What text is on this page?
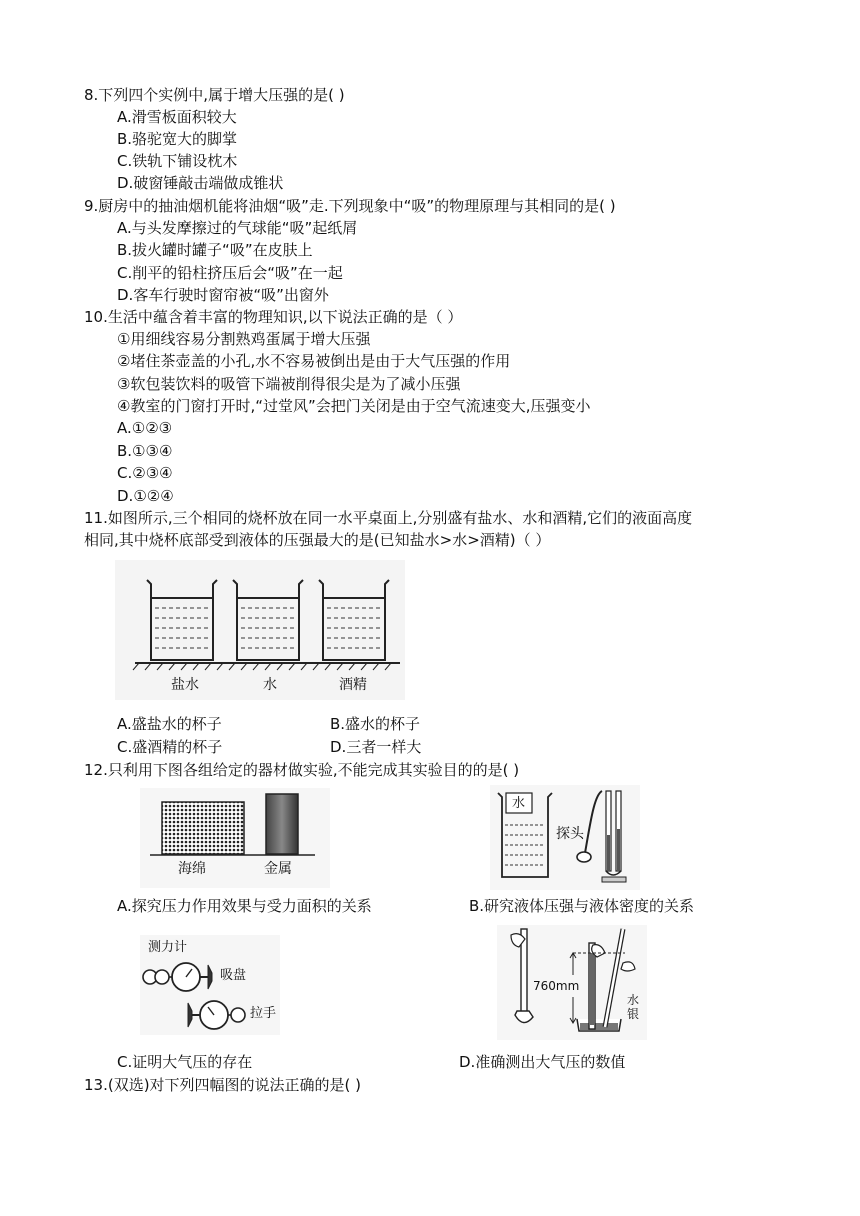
8.下列四个实例中,属于增大压强的是( )
A.滑雪板面积较大
B.骆驼宽大的脚掌
C.铁轨下铺设枕木
D.破窗锤敲击端做成锥状
9.厨房中的抽油烟机能将油烟“吸”走.下列现象中“吸”的物理原理与其相同的是( )
A.与头发摩擦过的气球能“吸”起纸屑
B.拔火罐时罐子“吸”在皮肤上
C.削平的铅柱挤压后会“吸”在一起
D.客车行驶时窗帘被“吸”出窗外
10.生活中蕴含着丰富的物理知识,以下说法正确的是（ ）
①用细线容易分割熟鸡蛋属于增大压强
②堵住茶壶盖的小孔,水不容易被倒出是由于大气压强的作用
③软包装饮料的吸管下端被削得很尖是为了减小压强
④教室的门窗打开时,“过堂风”会把门关闭是由于空气流速变大,压强变小
A.①②③
B.①③④
C.②③④
D.①②④
11.如图所示,三个相同的烧杯放在同一水平桌面上,分别盛有盐水、水和酒精,它们的液面高度
相同,其中烧杯底部受到液体的压强最大的是(已知盐水>水>酒精)（ ）
盐水	水	酒精
A.盛盐水的杯子	B.盛水的杯子
C.盛酒精的杯子	D.三者一样大
12.只利用下图各组给定的器材做实验,不能完成其实验目的的是( )
海绵	金属
水
探头
A.探究压力作用效果与受力面积的关系	B.研究液体压强与液体密度的关系
测力计
吸盘
拉手
760mm
水
银
C.证明大气压的存在	D.准确测出大气压的数值
13.(双选)对下列四幅图的说法正确的是( )
